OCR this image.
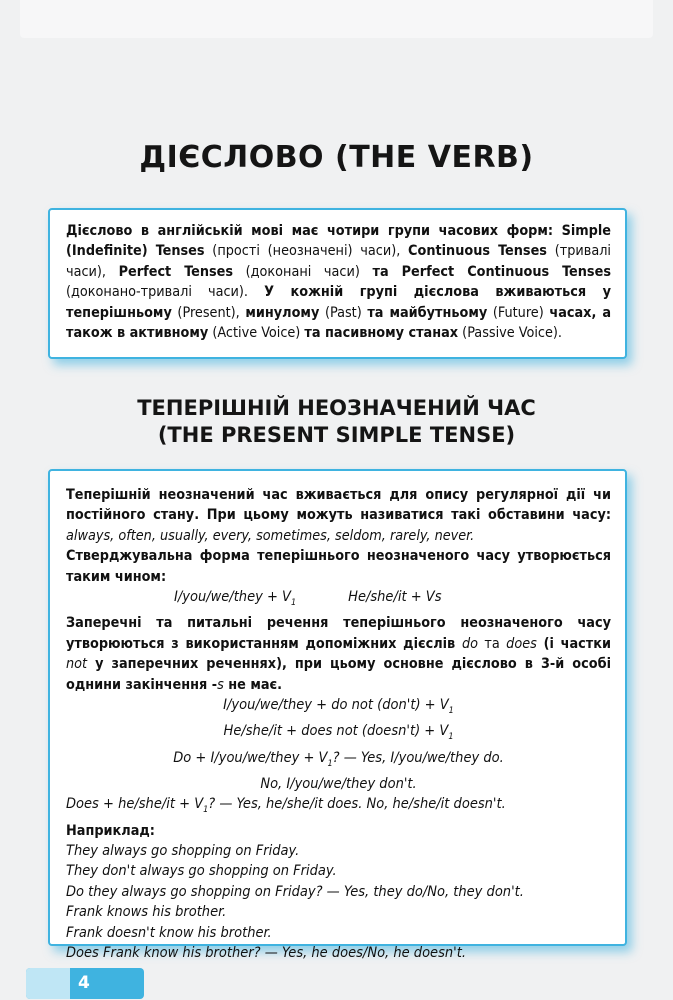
ДІЄСЛОВО (THE VERB)
Дієслово в англійській мові має чотири групи часових форм: Simple (Indefinite) Tenses (прості (неозначені) часи), Continuous Tenses (тривалі часи), Perfect Tenses (доконані часи) та Perfect Continuous Tenses (доконано-тривалі часи). У кожній групі дієслова вживаються у теперішньому (Present), минулому (Past) та майбутньому (Future) часах, а також в активному (Active Voice) та пасивному станах (Passive Voice).
ТЕПЕРІШНІЙ НЕОЗНАЧЕНИЙ ЧАС
(THE PRESENT SIMPLE TENSE)
Теперішній неозначений час вживається для опису регулярної дії чи постійного стану. При цьому можуть називатися такі обставини часу: always, often, usually, every, sometimes, seldom, rarely, never.
Стверджувальна форма теперішнього неозначеного часу утворюється таким чином:
I/you/we/they + $V_1$	He/she/it + Vs
Заперечні та питальні речення теперішнього неозначеного часу утворюються з використанням допоміжних дієслів do та does (і частки not у заперечних реченнях), при цьому основне дієслово в 3-й особі однини закінчення -s не має.
I/you/we/they + do not $(don't) + V_1$
He/she/it + does not (doesn't) + $V_1$
Do + I/you/we/they + $V_1$? — Yes, I/you/we/they do.
No, I/you/we/they don't.
Does + $he/she/it + V_1$? — Yes, he/she/it does. No, he/she/it doesn't.
Наприклад:
They always go shopping on Friday.
They don't always go shopping on Friday.
Do they always go shopping on Friday? — Yes, they do/No, they don't.
Frank knows his brother.
Frank doesn't know his brother.
Does Frank know his brother? — Yes, he does/No, he doesn't.
4
